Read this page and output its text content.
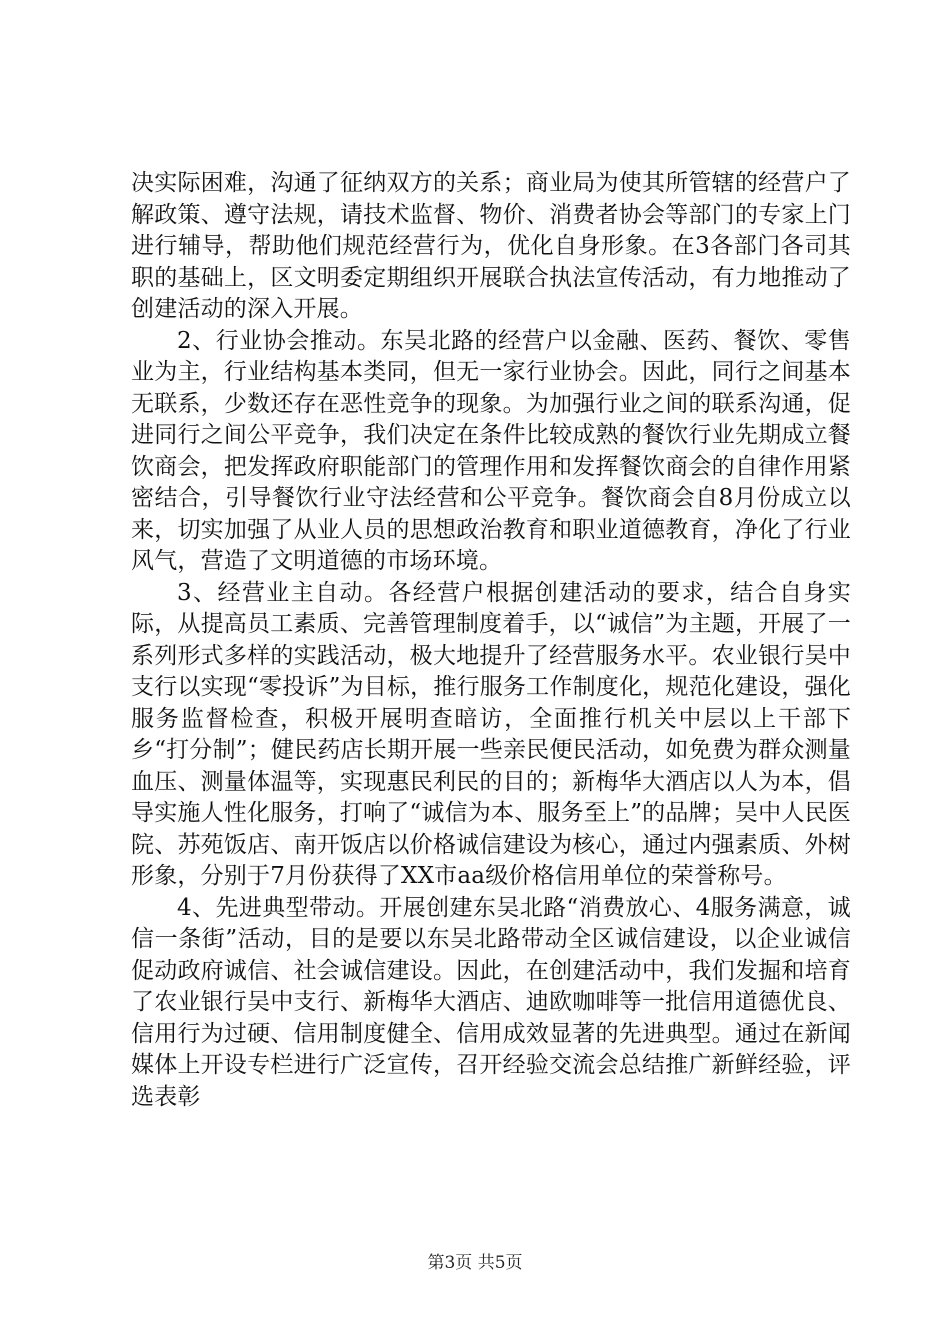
决实际困难，沟通了征纳双方的关系；商业局为使其所管辖的经营户了解政策、遵守法规，请技术监督、物价、消费者协会等部门的专家上门进行辅导，帮助他们规范经营行为，优化自身形象。在3各部门各司其职的基础上，区文明委定期组织开展联合执法宣传活动，有力地推动了创建活动的深入开展。

2、行业协会推动。东吴北路的经营户以金融、医药、餐饮、零售业为主，行业结构基本类同，但无一家行业协会。因此，同行之间基本无联系，少数还存在恶性竞争的现象。为加强行业之间的联系沟通，促进同行之间公平竞争，我们决定在条件比较成熟的餐饮行业先期成立餐饮商会，把发挥政府职能部门的管理作用和发挥餐饮商会的自律作用紧密结合，引导餐饮行业守法经营和公平竞争。餐饮商会自8月份成立以来，切实加强了从业人员的思想政治教育和职业道德教育，净化了行业风气，营造了文明道德的市场环境。

3、经营业主自动。各经营户根据创建活动的要求，结合自身实际，从提高员工素质、完善管理制度着手，以“诚信”为主题，开展了一系列形式多样的实践活动，极大地提升了经营服务水平。农业银行吴中支行以实现“零投诉”为目标，推行服务工作制度化，规范化建设，强化服务监督检查，积极开展明查暗访，全面推行机关中层以上干部下乡“打分制”；健民药店长期开展一些亲民便民活动，如免费为群众测量血压、测量体温等，实现惠民利民的目的；新梅华大酒店以人为本，倡导实施人性化服务，打响了“诚信为本、服务至上”的品牌；吴中人民医院、苏苑饭店、南开饭店以价格诚信建设为核心，通过内强素质、外树形象，分别于7月份获得了XX市aa级价格信用单位的荣誉称号。

4、先进典型带动。开展创建东吴北路“消费放心、4服务满意，诚信一条街”活动，目的是要以东吴北路带动全区诚信建设，以企业诚信促动政府诚信、社会诚信建设。因此，在创建活动中，我们发掘和培育了农业银行吴中支行、新梅华大酒店、迪欧咖啡等一批信用道德优良、信用行为过硬、信用制度健全、信用成效显著的先进典型。通过在新闻媒体上开设专栏进行广泛宣传，召开经验交流会总结推广新鲜经验，评选表彰

第3页 共5页
